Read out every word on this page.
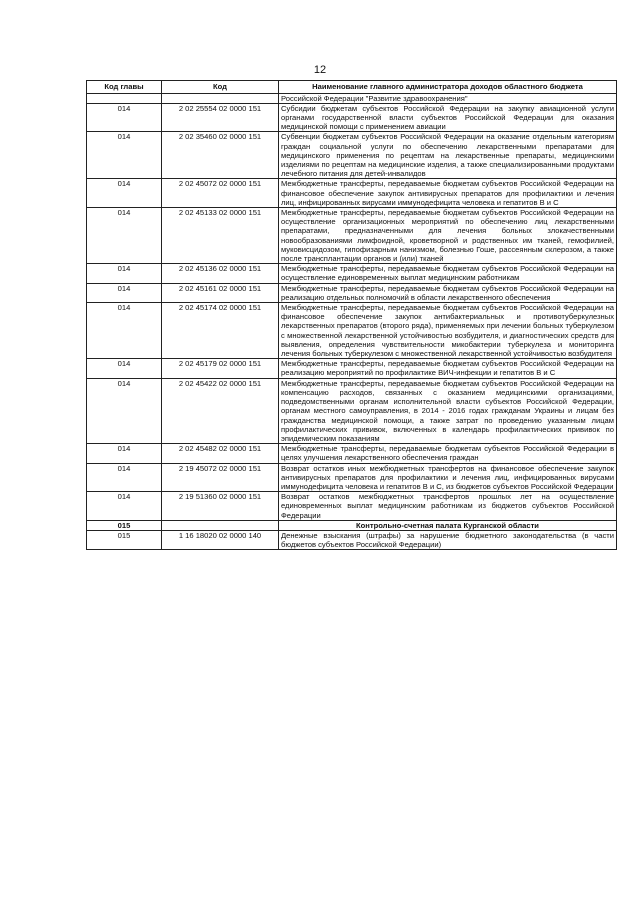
12
Код главы	Код	Наименование главного администратора доходов областного бюджета
		Российской Федерации "Развитие здравоохранения"
014	2 02 25554 02 0000 151	Субсидии бюджетам субъектов Российской Федерации на закупку авиационной услуги органами государственной власти субъектов Российской Федерации для оказания медицинской помощи с применением авиации
014	2 02 35460 02 0000 151	Субвенции бюджетам субъектов Российской Федерации на оказание отдельным категориям граждан социальной услуги по обеспечению лекарственными препаратами для медицинского применения по рецептам на лекарственные препараты, медицинскими изделиями по рецептам на медицинские изделия, а также специализированными продуктами лечебного питания для детей-инвалидов
014	2 02 45072 02 0000 151	Межбюджетные трансферты, передаваемые бюджетам субъектов Российской Федерации на финансовое обеспечение закупок антивирусных препаратов для профилактики и лечения лиц, инфицированных вирусами иммунодефицита человека и гепатитов В и С
014	2 02 45133 02 0000 151	Межбюджетные трансферты, передаваемые бюджетам субъектов Российской Федерации на осуществление организационных мероприятий по обеспечению лиц лекарственными препаратами, предназначенными для лечения больных злокачественными новообразованиями лимфоидной, кроветворной и родственных им тканей, гемофилией, муковисцидозом, гипофизарным нанизмом, болезнью Гоше, рассеянным склерозом, а также после трансплантации органов и (или) тканей
014	2 02 45136 02 0000 151	Межбюджетные трансферты, передаваемые бюджетам субъектов Российской Федерации на осуществление единовременных выплат медицинским работникам
014	2 02 45161 02 0000 151	Межбюджетные трансферты, передаваемые бюджетам субъектов Российской Федерации на реализацию отдельных полномочий в области лекарственного обеспечения
014	2 02 45174 02 0000 151	Межбюджетные трансферты, передаваемые бюджетам субъектов Российской Федерации на финансовое обеспечение закупок антибактериальных и противотуберкулезных лекарственных препаратов (второго ряда), применяемых при лечении больных туберкулезом с множественной лекарственной устойчивостью возбудителя, и диагностических средств для выявления, определения чувствительности микобактерии туберкулеза и мониторинга лечения больных туберкулезом с множественной лекарственной устойчивостью возбудителя
014	2 02 45179 02 0000 151	Межбюджетные трансферты, передаваемые бюджетам субъектов Российской Федерации на реализацию мероприятий по профилактике ВИЧ-инфекции и гепатитов В и С
014	2 02 45422 02 0000 151	Межбюджетные трансферты, передаваемые бюджетам субъектов Российской Федерации на компенсацию расходов, связанных с оказанием медицинскими организациями, подведомственными органам исполнительной власти субъектов Российской Федерации, органам местного самоуправления, в 2014 - 2016 годах гражданам Украины и лицам без гражданства медицинской помощи, а также затрат по проведению указанным лицам профилактических прививок, включенных в календарь профилактических прививок по эпидемическим показаниям
014	2 02 45482 02 0000 151	Межбюджетные трансферты, передаваемые бюджетам субъектов Российской Федерации в целях улучшения лекарственного обеспечения граждан
014	2 19 45072 02 0000 151	Возврат остатков иных межбюджетных трансфертов на финансовое обеспечение закупок антивирусных препаратов для профилактики и лечения лиц, инфицированных вирусами иммунодефицита человека и гепатитов В и С, из бюджетов субъектов Российской Федерации
014	2 19 51360 02 0000 151	Возврат остатков межбюджетных трансфертов прошлых лет на осуществление единовременных выплат медицинским работникам из бюджетов субъектов Российской Федерации
015		Контрольно-счетная палата Курганской области
015	1 16 18020 02 0000 140	Денежные взыскания (штрафы) за нарушение бюджетного законодательства (в части бюджетов субъектов Российской Федерации)
